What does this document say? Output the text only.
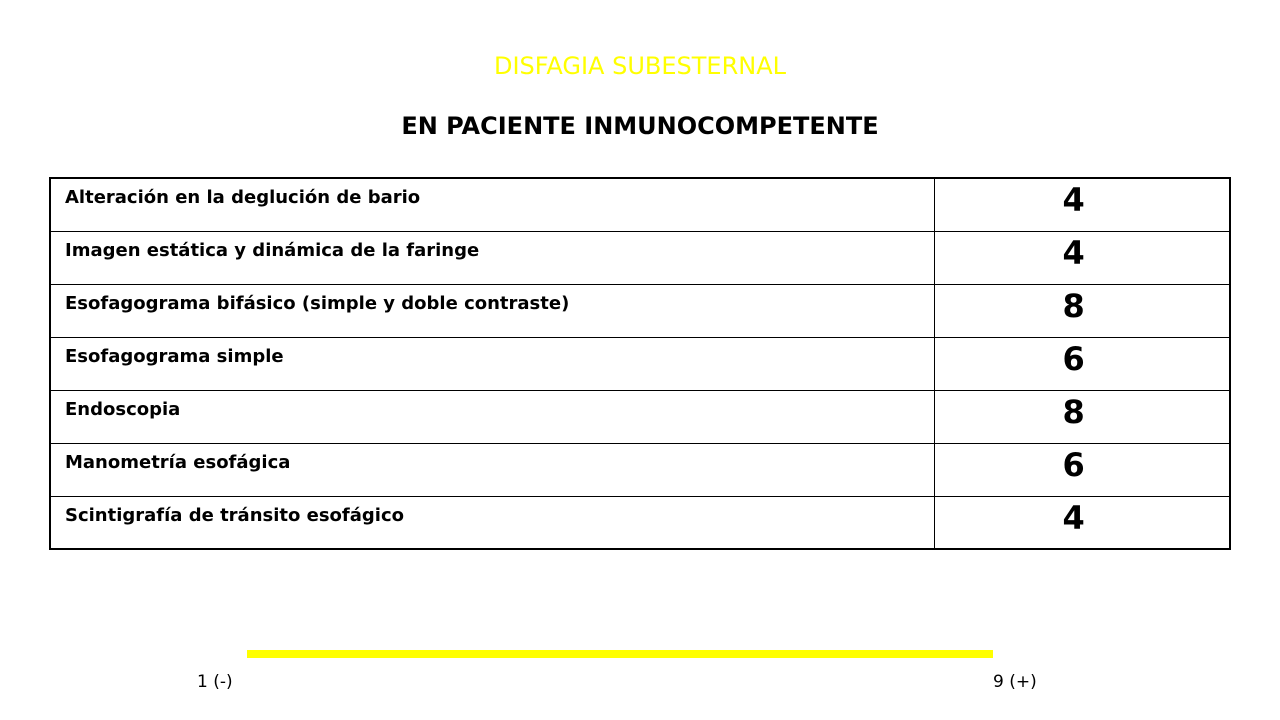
DISFAGIA SUBESTERNAL
EN PACIENTE INMUNOCOMPETENTE
Alteración en la deglución de bario	4
Imagen estática y dinámica de la faringe	4
Esofagograma bifásico (simple y doble contraste)	8
Esofagograma simple	6
Endoscopia	8
Manometría esofágica	6
Scintigrafía de tránsito esofágico	4
1 (-)	9 (+)
